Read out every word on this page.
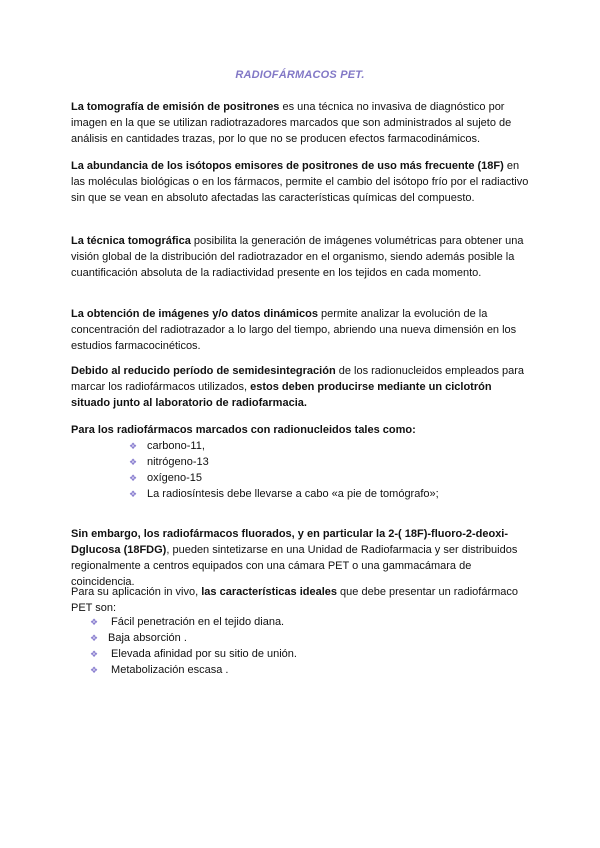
RADIOFÁRMACOS PET.

La tomografía de emisión de positrones es una técnica no invasiva de diagnóstico por imagen en la que se utilizan radiotrazadores marcados que son administrados al sujeto de análisis en cantidades trazas, por lo que no se producen efectos farmacodinámicos.

La abundancia de los isótopos emisores de positrones de uso más frecuente (18F) en las moléculas biológicas o en los fármacos, permite el cambio del isótopo frío por el radiactivo sin que se vean en absoluto afectadas las características químicas del compuesto.

La técnica tomográfica posibilita la generación de imágenes volumétricas para obtener una visión global de la distribución del radiotrazador en el organismo, siendo además posible la cuantificación absoluta de la radiactividad presente en los tejidos en cada momento.

La obtención de imágenes y/o datos dinámicos permite analizar la evolución de la concentración del radiotrazador a lo largo del tiempo, abriendo una nueva dimensión en los estudios farmacocinéticos.

Debido al reducido período de semidesintegración de los radionucleidos empleados para marcar los radiofármacos utilizados, estos deben producirse mediante un ciclotrón situado junto al laboratorio de radiofarmacia.

Para los radiofármacos marcados con radionucleidos tales como:

❖ carbono-11,
❖ nitrógeno-13
❖ oxígeno-15
❖ La radiosíntesis debe llevarse a cabo «a pie de tomógrafo»;

Sin embargo, los radiofármacos fluorados, y en particular la 2-( 18F)-fluoro-2-deoxi-Dglucosa (18FDG), pueden sintetizarse en una Unidad de Radiofarmacia y ser distribuidos regionalmente a centros equipados con una cámara PET o una gammacámara de coincidencia.

Para su aplicación in vivo, las características ideales que debe presentar un radiofármaco PET son:

❖ Fácil penetración en el tejido diana.
❖ Baja absorción .
❖ Elevada afinidad por su sitio de unión.
❖ Metabolización escasa .
